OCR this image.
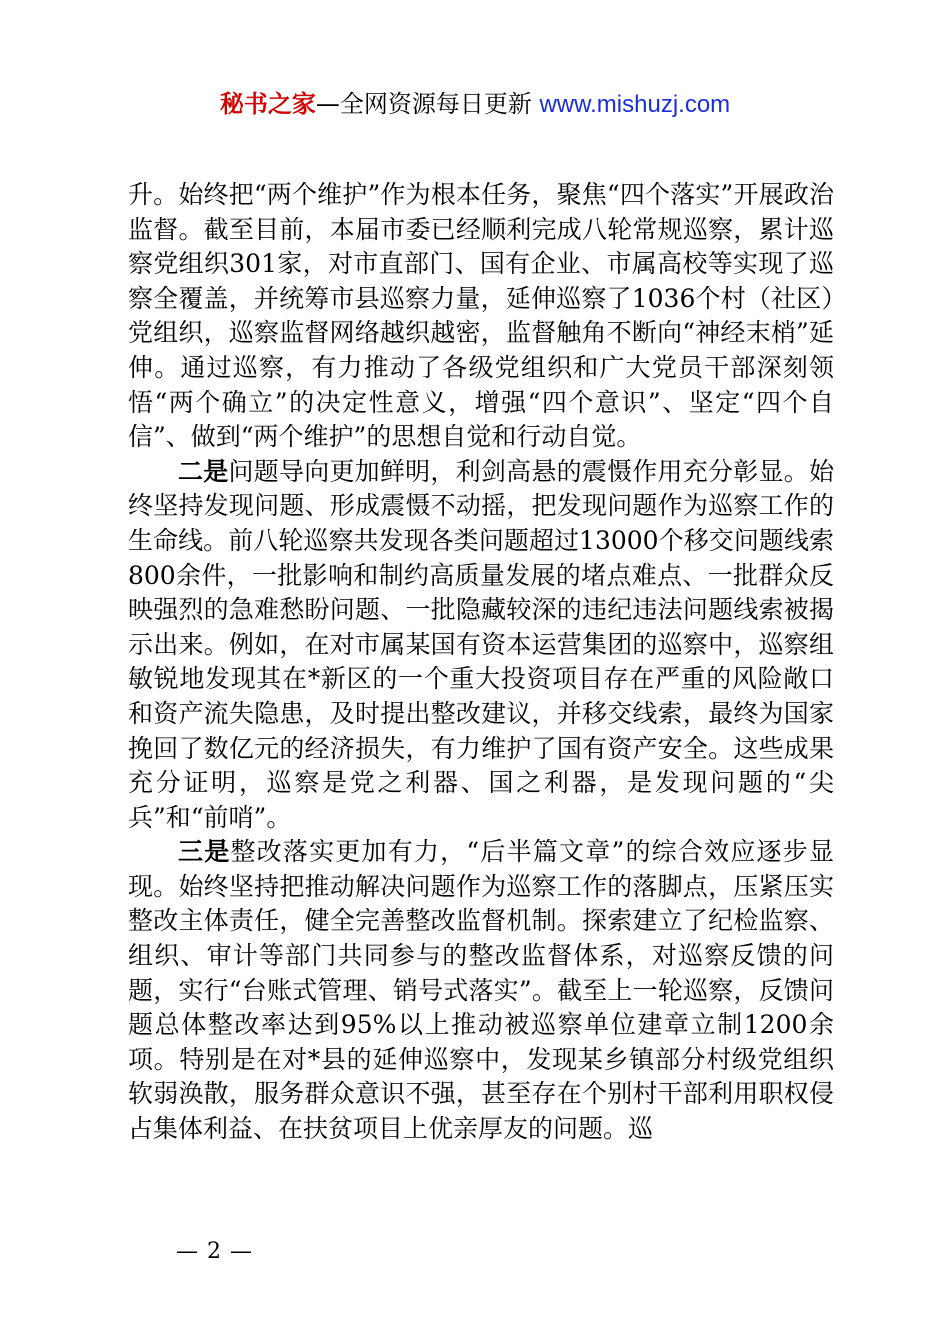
秘书之家—全网资源每日更新 www.mishuzj.com

升。始终把“两个维护”作为根本任务，聚焦“四个落实”开展政治监督。截至目前，本届市委已经顺利完成八轮常规巡察，累计巡察党组织301家，对市直部门、国有企业、市属高校等实现了巡察全覆盖，并统筹市县巡察力量，延伸巡察了1036个村（社区）党组织，巡察监督网络越织越密，监督触角不断向“神经末梢”延伸。通过巡察，有力推动了各级党组织和广大党员干部深刻领悟“两个确立”的决定性意义，增强“四个意识”、坚定“四个自信”、做到“两个维护”的思想自觉和行动自觉。

二是问题导向更加鲜明，利剑高悬的震慑作用充分彰显。始终坚持发现问题、形成震慑不动摇，把发现问题作为巡察工作的生命线。前八轮巡察共发现各类问题超过13000个移交问题线索800余件，一批影响和制约高质量发展的堵点难点、一批群众反映强烈的急难愁盼问题、一批隐藏较深的违纪违法问题线索被揭示出来。例如，在对市属某国有资本运营集团的巡察中，巡察组敏锐地发现其在*新区的一个重大投资项目存在严重的风险敞口和资产流失隐患，及时提出整改建议，并移交线索，最终为国家挽回了数亿元的经济损失，有力维护了国有资产安全。这些成果充分证明，巡察是党之利器、国之利器，是发现问题的“尖兵”和“前哨”。

三是整改落实更加有力，“后半篇文章”的综合效应逐步显现。始终坚持把推动解决问题作为巡察工作的落脚点，压紧压实整改主体责任，健全完善整改监督机制。探索建立了纪检监察、组织、审计等部门共同参与的整改监督体系，对巡察反馈的问题，实行“台账式管理、销号式落实”。截至上一轮巡察，反馈问题总体整改率达到95%以上推动被巡察单位建章立制1200余项。特别是在对*县的延伸巡察中，发现某乡镇部分村级党组织软弱涣散，服务群众意识不强，甚至存在个别村干部利用职权侵占集体利益、在扶贫项目上优亲厚友的问题。巡

— 2 —
